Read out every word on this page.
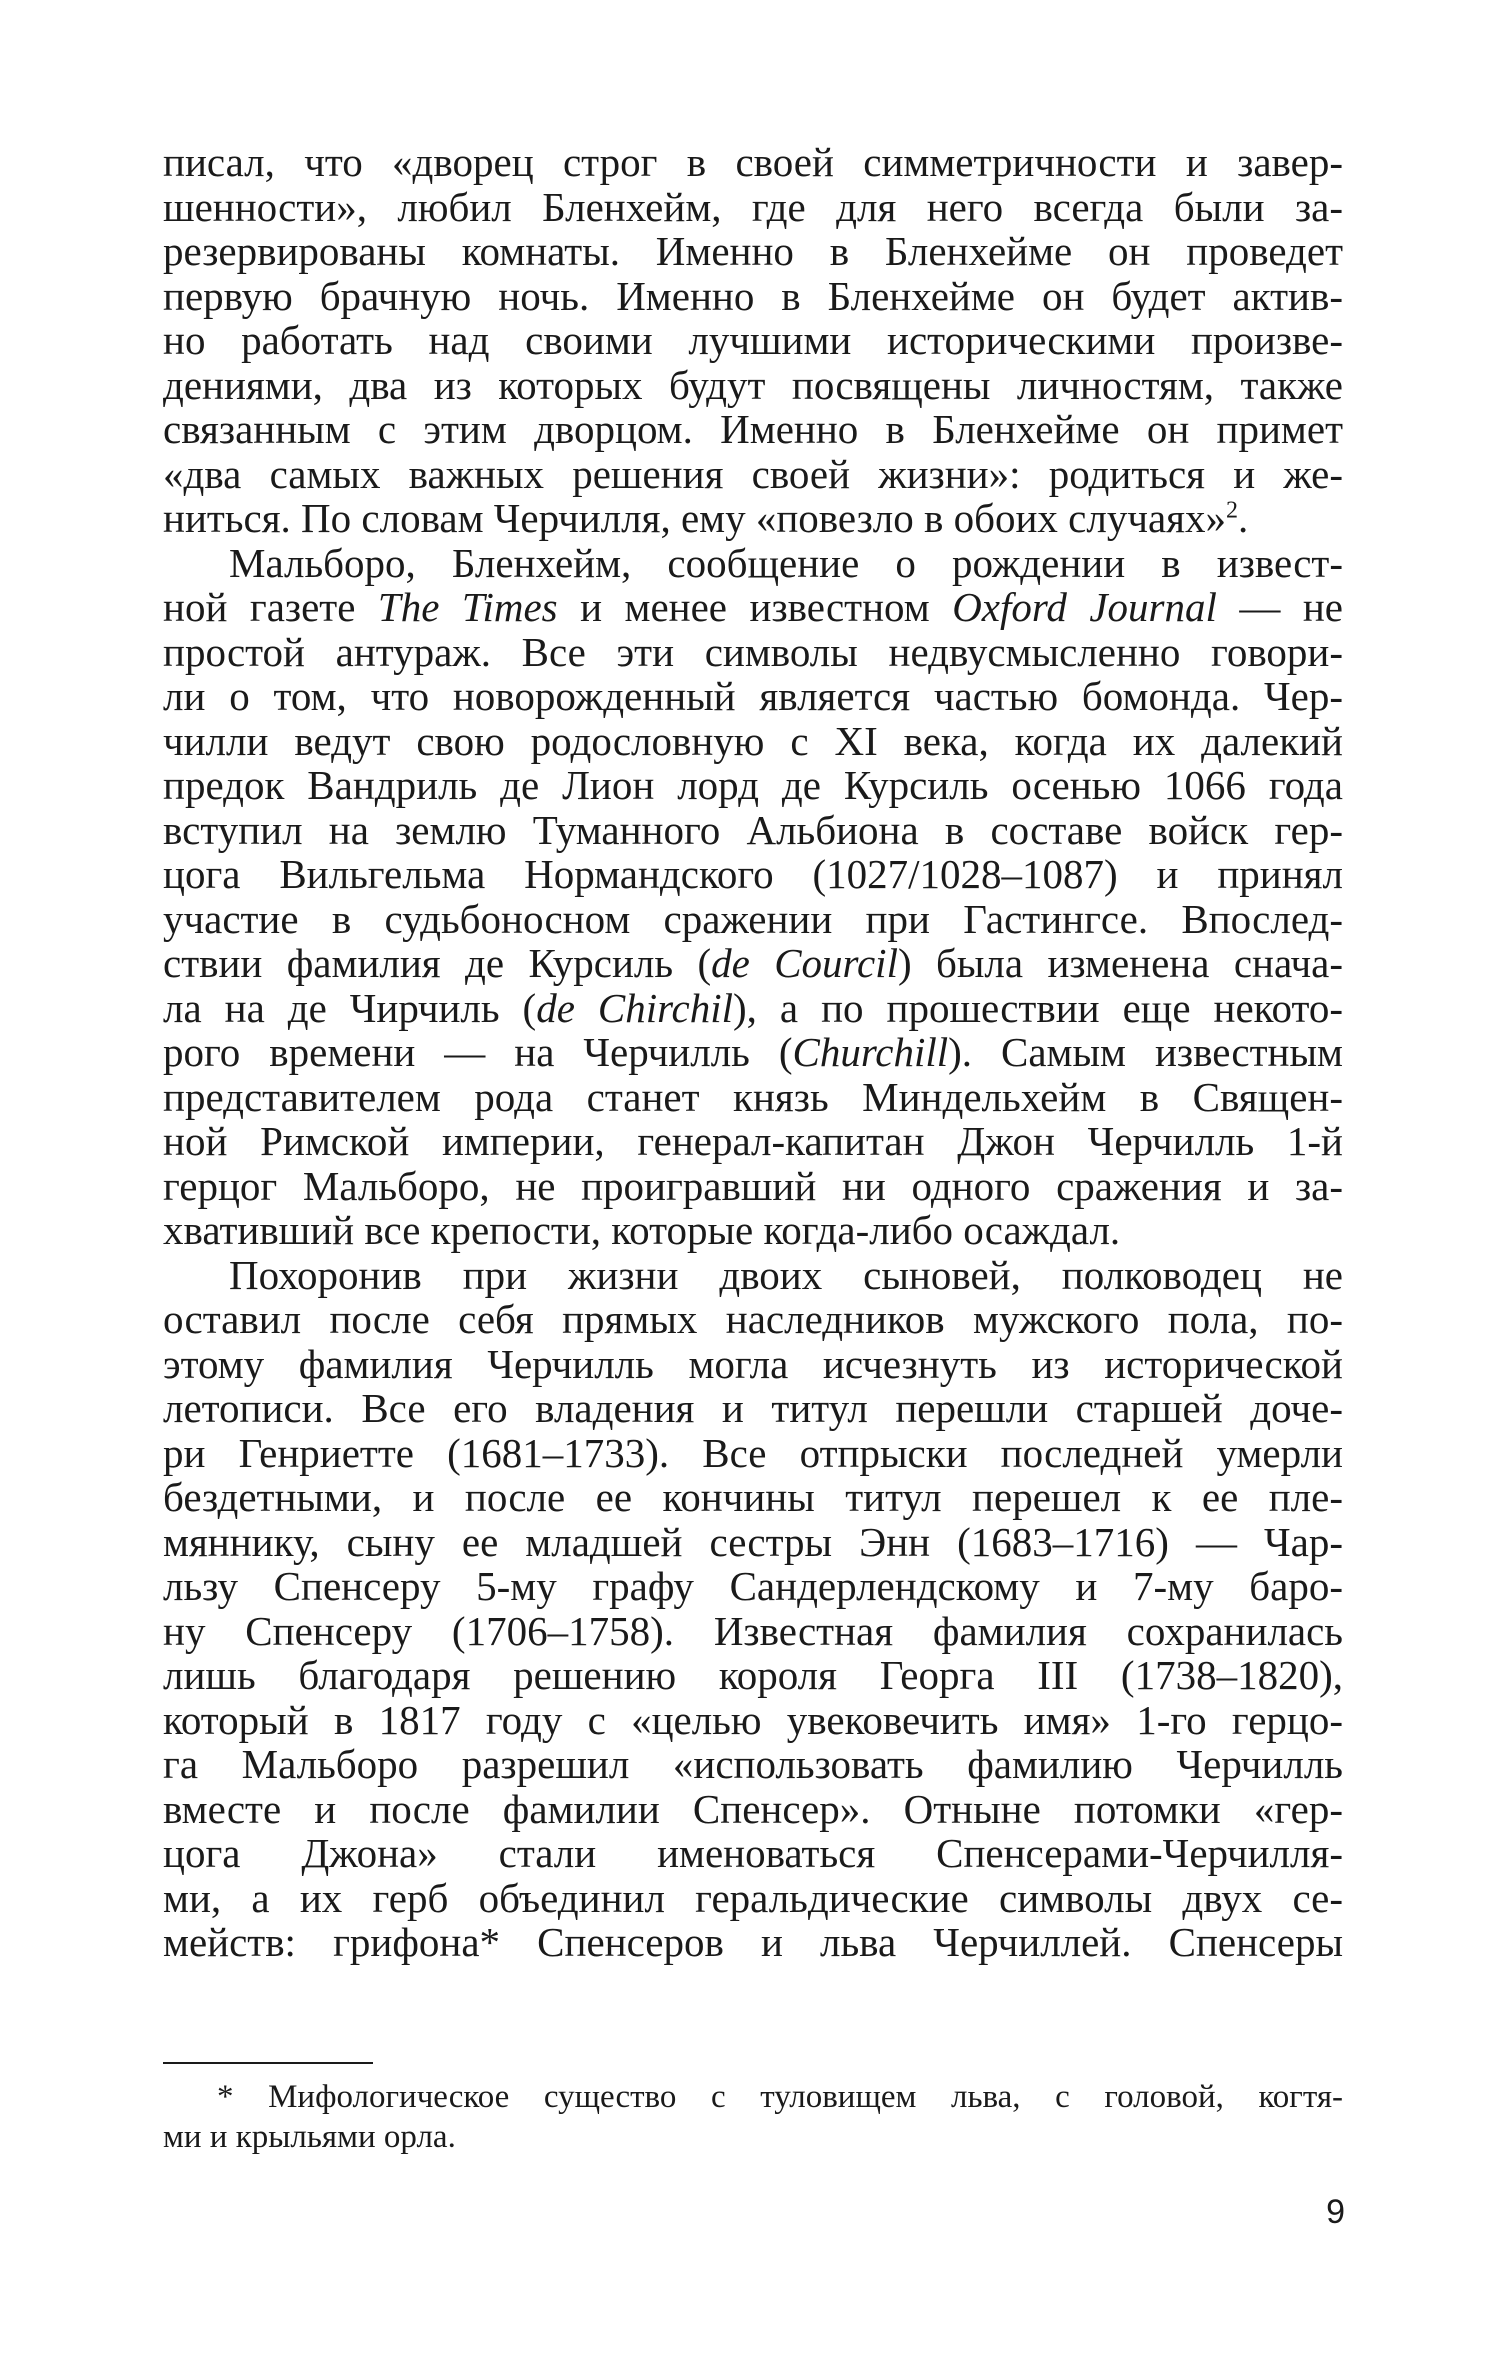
писал, что «дворец строг в своей симметричности и завер-
шенности», любил Бленхейм, где для него всегда были за-
резервированы комнаты. Именно в Бленхейме он проведет
первую брачную ночь. Именно в Бленхейме он будет актив-
но работать над своими лучшими историческими произве-
дениями, два из которых будут посвящены личностям, также
связанным с этим дворцом. Именно в Бленхейме он примет
«два самых важных решения своей жизни»: родиться и же-
ниться. По словам Черчилля, ему «повезло в обоих случаях»$^2$.
Мальборо, Бленхейм, сообщение о рождении в извест-
ной газете The Times и менее известном Oxford Journal — не
простой антураж. Все эти символы недвусмысленно говори-
ли о том, что новорожденный является частью бомонда. Чер-
чилли ведут свою родословную с XI века, когда их далекий
предок Вандриль де Лион лорд де Курсиль осенью 1066 года
вступил на землю Туманного Альбиона в составе войск гер-
цога Вильгельма Нормандского (1027/1028–1087) и принял
участие в судьбоносном сражении при Гастингсе. Впослед-
ствии фамилия де Курсиль (de Courcil) была изменена снача-
ла на де Чирчиль (de Chirchil), а по прошествии еще некото-
рого времени — на Черчилль (Churchill). Самым известным
представителем рода станет князь Миндельхейм в Священ-
ной Римской империи, генерал-капитан Джон Черчилль 1-й
герцог Мальборо, не проигравший ни одного сражения и за-
хвативший все крепости, которые когда-либо осаждал.
Похоронив при жизни двоих сыновей, полководец не
оставил после себя прямых наследников мужского пола, по-
этому фамилия Черчилль могла исчезнуть из исторической
летописи. Все его владения и титул перешли старшей доче-
ри Генриетте (1681–1733). Все отпрыски последней умерли
бездетными, и после ее кончины титул перешел к ее пле-
мяннику, сыну ее младшей сестры Энн (1683–1716) — Чар-
льзу Спенсеру 5-му графу Сандерлендскому и 7-му баро-
ну Спенсеру (1706–1758). Известная фамилия сохранилась
лишь благодаря решению короля Георга III (1738–1820),
который в 1817 году с «целью увековечить имя» 1-го герцо-
га Мальборо разрешил «использовать фамилию Черчилль
вместе и после фамилии Спенсер». Отныне потомки «гер-
цога Джона» стали именоваться Спенсерами-Черчилля-
ми, а их герб объединил геральдические символы двух се-
мейств: грифона* Спенсеров и льва Черчиллей. Спенсеры
* Мифологическое существо с туловищем льва, с головой, когтя-
ми и крыльями орла.
9
